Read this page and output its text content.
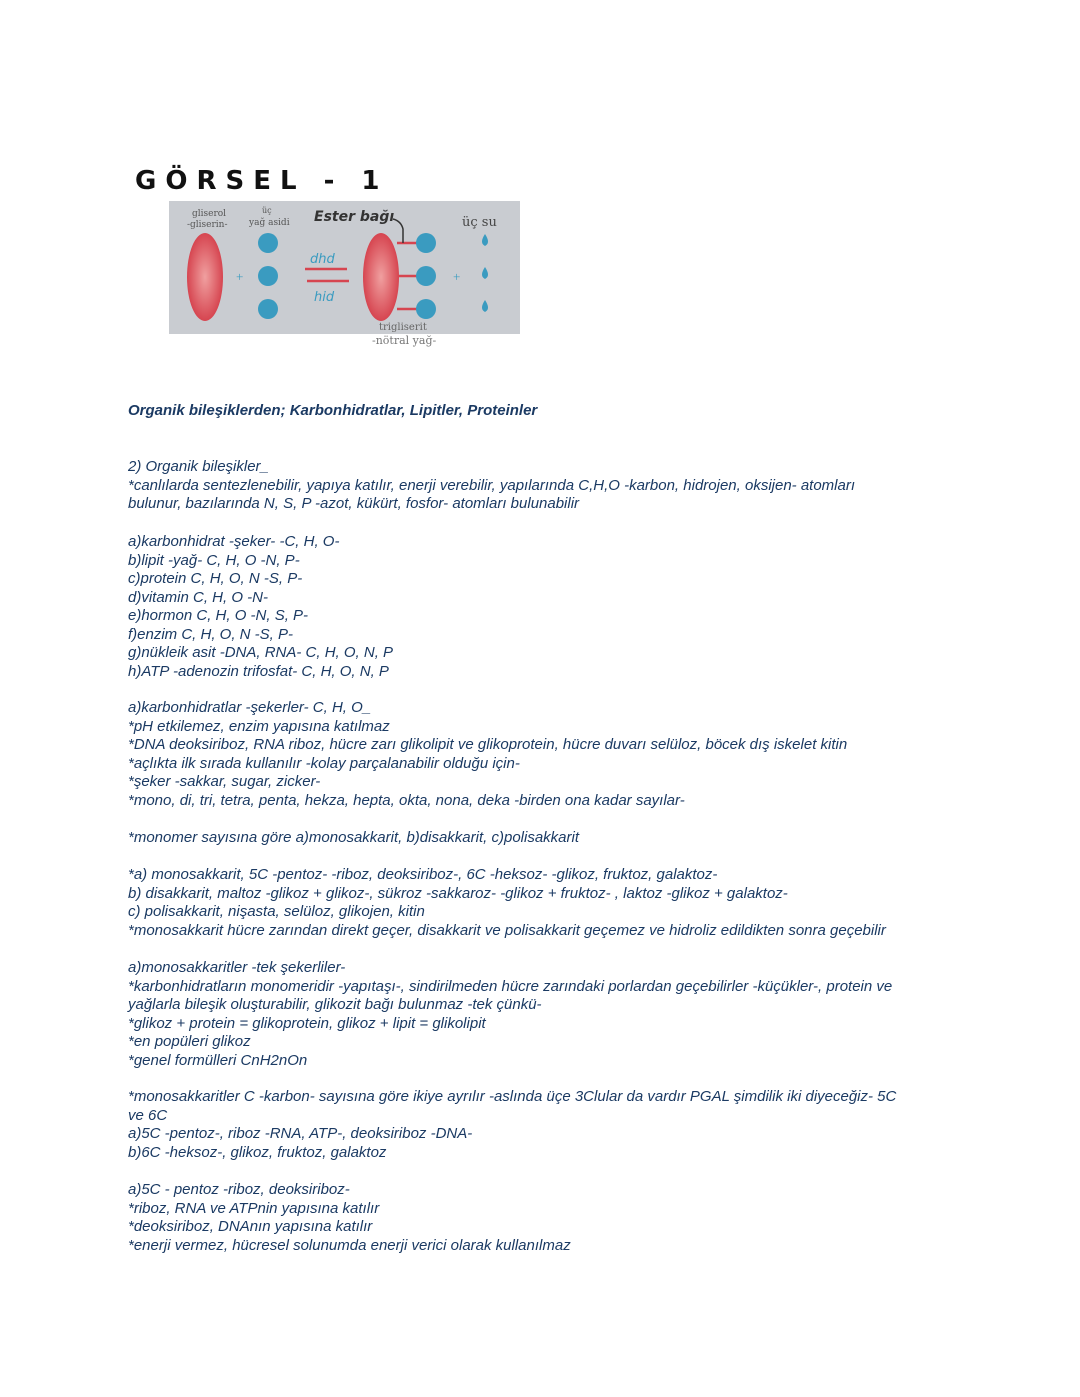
GÖRSEL - 1
gliserol
-gliserin-
üç
yağ asidi Ester bağı	üç su
dhd
hid
+	+
trigliserit
-nötral yağ-
Organik bileşiklerden; Karbonhidratlar, Lipitler, Proteinler
2) Organik bileşikler_
*canlılarda sentezlenebilir, yapıya katılır, enerji verebilir, yapılarında C,H,O -karbon, hidrojen, oksijen- atomları
bulunur, bazılarında N, S, P -azot, kükürt, fosfor- atomları bulunabilir
a)karbonhidrat -şeker- -C, H, O-
b)lipit -yağ- C, H, O -N, P-
c)protein C, H, O, N -S, P-
d)vitamin C, H, O -N-
e)hormon C, H, O -N, S, P-
f)enzim C, H, O, N -S, P-
g)nükleik asit -DNA, RNA- C, H, O, N, P
h)ATP -adenozin trifosfat- C, H, O, N, P
a)karbonhidratlar -şekerler- C, H, O_
*pH etkilemez, enzim yapısına katılmaz
*DNA deoksiriboz, RNA riboz, hücre zarı glikolipit ve glikoprotein, hücre duvarı selüloz, böcek dış iskelet kitin
*açlıkta ilk sırada kullanılır -kolay parçalanabilir olduğu için-
*şeker -sakkar, sugar, zicker-
*mono, di, tri, tetra, penta, hekza, hepta, okta, nona, deka -birden ona kadar sayılar-
*monomer sayısına göre a)monosakkarit, b)disakkarit, c)polisakkarit
*a) monosakkarit, 5C -pentoz- -riboz, deoksiriboz-, 6C -heksoz- -glikoz, fruktoz, galaktoz-
b) disakkarit, maltoz -glikoz + glikoz-, sükroz -sakkaroz- -glikoz + fruktoz- , laktoz -glikoz + galaktoz-
c) polisakkarit, nişasta, selüloz, glikojen, kitin
*monosakkarit hücre zarından direkt geçer, disakkarit ve polisakkarit geçemez ve hidroliz edildikten sonra geçebilir
a)monosakkaritler -tek şekerliler-
*karbonhidratların monomeridir -yapıtaşı-, sindirilmeden hücre zarındaki porlardan geçebilirler -küçükler-, protein ve
yağlarla bileşik oluşturabilir, glikozit bağı bulunmaz -tek çünkü-
*glikoz + protein = glikoprotein, glikoz + lipit = glikolipit
*en popüleri glikoz
*genel formülleri CnH2nOn
*monosakkaritler C -karbon- sayısına göre ikiye ayrılır -aslında üçe 3Clular da vardır PGAL şimdilik iki diyeceğiz- 5C
ve 6C
a)5C -pentoz-, riboz -RNA, ATP-, deoksiriboz -DNA-
b)6C -heksoz-, glikoz, fruktoz, galaktoz
a)5C - pentoz -riboz, deoksiriboz-
*riboz, RNA ve ATPnin yapısına katılır
*deoksiriboz, DNAnın yapısına katılır
*enerji vermez, hücresel solunumda enerji verici olarak kullanılmaz
